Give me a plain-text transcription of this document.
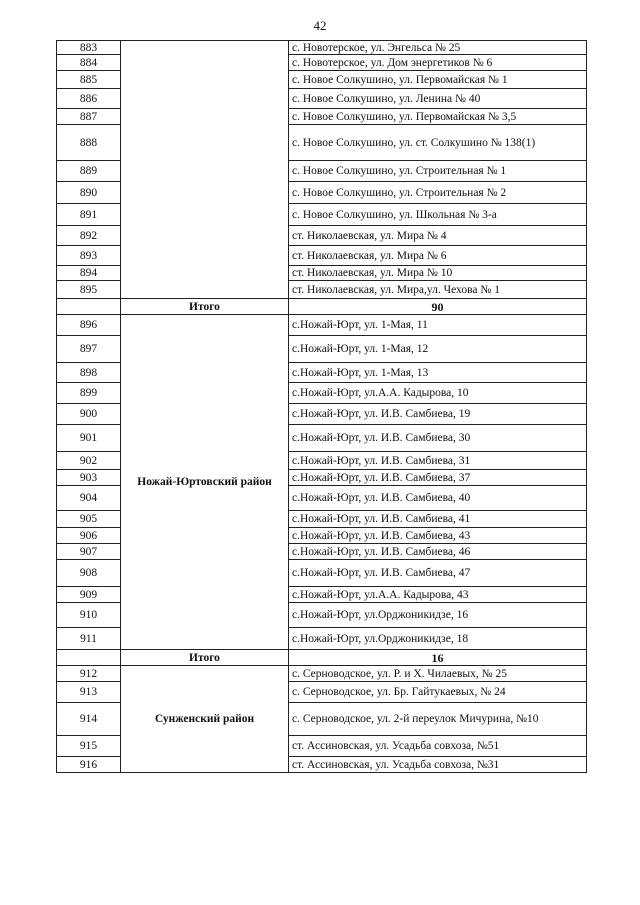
42
883		с. Новотерское, ул. Энгельса № 25
884		с. Новотерское, ул. Дом энергетиков № 6
885		с. Новое Солкушино, ул. Первомайская № 1
886		с. Новое Солкушино, ул. Ленина № 40
887		с. Новое Солкушино, ул. Первомайская № 3,5
888		с. Новое Солкушино, ул. ст. Солкушино № 138(1)
889		с. Новое Солкушино, ул. Строительная № 1
890		с. Новое Солкушино, ул. Строительная № 2
891		с. Новое Солкушино, ул. Школьная № 3-а
892		ст. Николаевская, ул. Мира № 4
893		ст. Николаевская, ул. Мира № 6
894		ст. Николаевская, ул. Мира № 10
895		ст. Николаевская, ул. Мира,ул. Чехова № 1
	Итого	90
896	Ножай-Юртовский район	с.Ножай-Юрт, ул. 1-Мая, 11
897		с.Ножай-Юрт, ул. 1-Мая, 12
898		с.Ножай-Юрт, ул. 1-Мая, 13
899		с.Ножай-Юрт, ул.А.А. Кадырова, 10
900		с.Ножай-Юрт, ул. И.В. Самбиева, 19
901		с.Ножай-Юрт, ул. И.В. Самбиева, 30
902		с.Ножай-Юрт, ул. И.В. Самбиева, 31
903		с.Ножай-Юрт, ул. И.В. Самбиева, 37
904		с.Ножай-Юрт, ул. И.В. Самбиева, 40
905		с.Ножай-Юрт, ул. И.В. Самбиева, 41
906		с.Ножай-Юрт, ул. И.В. Самбиева, 43
907		с.Ножай-Юрт, ул. И.В. Самбиева, 46
908		с.Ножай-Юрт, ул. И.В. Самбиева, 47
909		с.Ножай-Юрт, ул.А.А. Кадырова, 43
910		с.Ножай-Юрт, ул.Орджоникидзе, 16
911		с.Ножай-Юрт, ул.Орджоникидзе, 18
	Итого	16
912	Сунженский район	с. Серноводское, ул. Р. и Х. Чилаевых, № 25
913		с. Серноводское, ул. Бр. Гайтукаевых, № 24
914		с. Серноводское, ул. 2-й переулок Мичурина, №10
915		ст. Ассиновская, ул. Усадьба совхоза, №51
916		ст. Ассиновская, ул. Усадьба совхоза, №31
